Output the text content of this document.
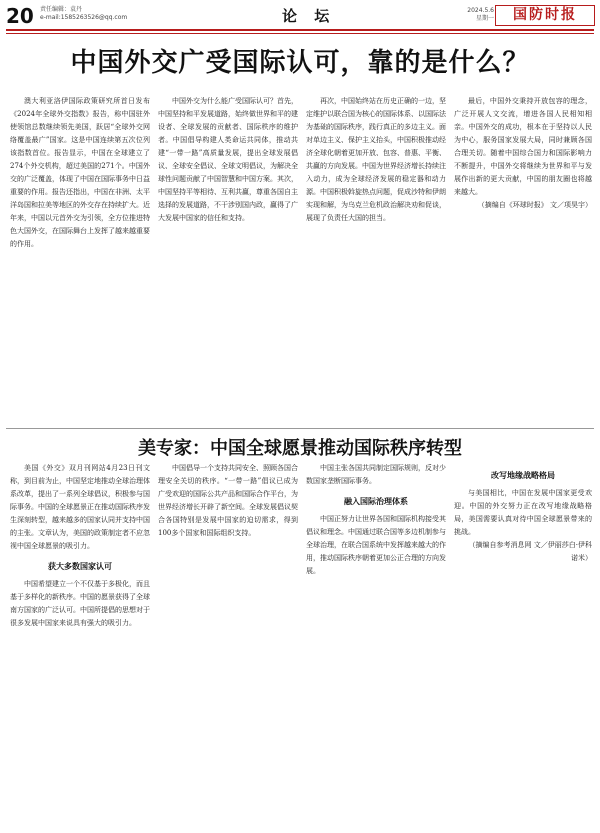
20 责任编辑：袁丹
e-mail:1585263526@qq.com	论 坛	2024.5.6
星期一	国防时报
中国外交广受国际认可，靠的是什么？

澳大利亚洛伊国际政策研究所首日发布《2024年全球外交指数》报告，称中国驻外使领馆总数继续领先美国，跃居“全球外交网络覆盖最广”国家。这是中国连续第五次位列该指数首位。报告显示，中国在全球建立了274个外交机构，超过美国的271个。中国外交的广泛覆盖，体现了中国在国际事务中日益重要的作用。报告还指出，中国在非洲、太平洋岛国和拉美等地区的外交存在持续扩大。近年来，中国以元首外交为引领，全方位推进特色大国外交，在国际舞台上发挥了越来越重要的作用。

中国外交为什么能广受国际认可？首先，中国坚持和平发展道路，始终做世界和平的建设者、全球发展的贡献者、国际秩序的维护者。中国倡导构建人类命运共同体，推动共建“一带一路”高质量发展，提出全球发展倡议、全球安全倡议、全球文明倡议，为解决全球性问题贡献了中国智慧和中国方案。其次，中国坚持平等相待、互利共赢，尊重各国自主选择的发展道路，不干涉别国内政，赢得了广大发展中国家的信任和支持。

再次，中国始终站在历史正确的一边，坚定维护以联合国为核心的国际体系、以国际法为基础的国际秩序，践行真正的多边主义。面对单边主义、保护主义抬头，中国积极推动经济全球化朝着更加开放、包容、普惠、平衡、共赢的方向发展。中国为世界经济增长持续注入动力，成为全球经济发展的稳定器和动力源。中国积极斡旋热点问题，促成沙特和伊朗实现和解，为乌克兰危机政治解决劝和促谈，展现了负责任大国的担当。

最后，中国外交秉持开放包容的理念，广泛开展人文交流，增进各国人民相知相亲。中国外交的成功，根本在于坚持以人民为中心，服务国家发展大局，同时兼顾各国合理关切。随着中国综合国力和国际影响力不断提升，中国外交将继续为世界和平与发展作出新的更大贡献，中国的朋友圈也将越来越大。

（摘编自《环球时报》 文／项昊宇）

美专家：中国全球愿景推动国际秩序转型

美国《外交》双月刊网站4月23日刊文称，到目前为止，中国坚定地推动全球治理体系改革，提出了一系列全球倡议，积极参与国际事务。中国的全球愿景正在推动国际秩序发生深刻转型，越来越多的国家认同并支持中国的主张。文章认为，美国的政策制定者不应忽视中国全球愿景的吸引力。

获大多数国家认可

中国希望建立一个不仅基于多极化，而且基于多样化的新秩序。中国的愿景获得了全球南方国家的广泛认可。中国所提倡的思想对于很多发展中国家来说具有强大的吸引力。

中国倡导一个支持共同安全、照顾各国合理安全关切的秩序。“一带一路”倡议已成为广受欢迎的国际公共产品和国际合作平台，为世界经济增长开辟了新空间。全球发展倡议契合各国特别是发展中国家的迫切需求，得到100多个国家和国际组织支持。

中国主张各国共同制定国际规则，反对少数国家垄断国际事务。

融入国际治理体系

中国正努力让世界各国和国际机构接受其倡议和理念。中国通过联合国等多边机制参与全球治理，在联合国系统中发挥越来越大的作用，推动国际秩序朝着更加公正合理的方向发展。

改写地缘战略格局

与美国相比，中国在发展中国家更受欢迎。中国的外交努力正在改写地缘战略格局，美国需要认真对待中国全球愿景带来的挑战。

（摘编自参考消息网 文／伊丽莎白·伊科诺米）
